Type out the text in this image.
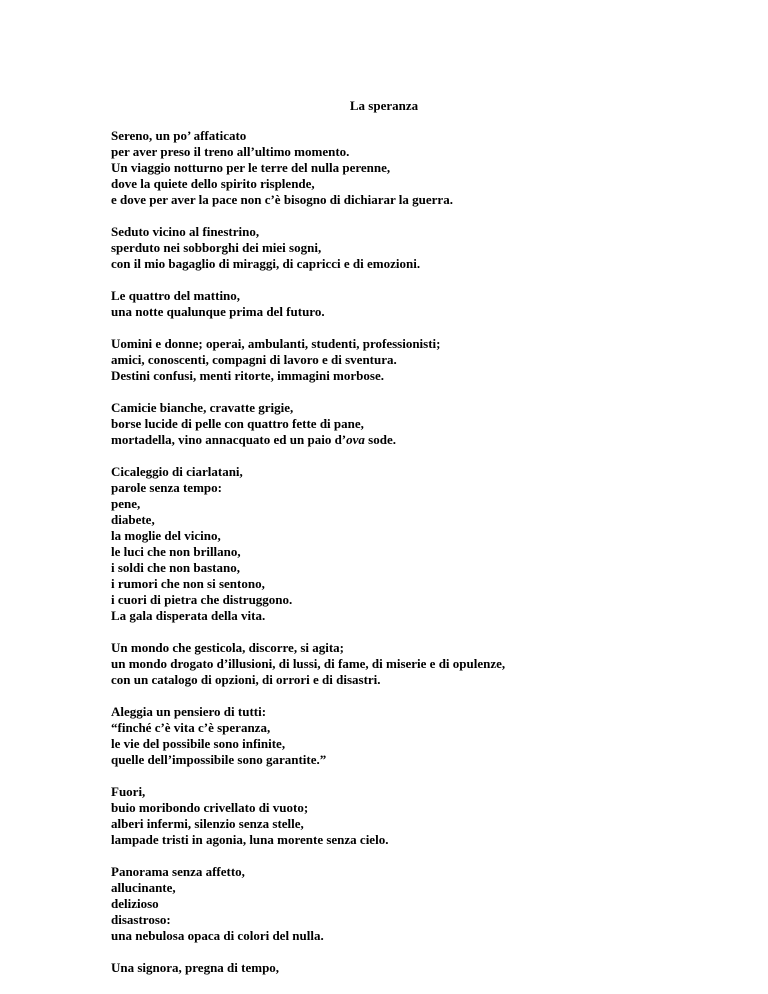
La speranza

Sereno, un po’ affaticato
per aver preso il treno all’ultimo momento.
Un viaggio notturno per le terre del nulla perenne,
dove la quiete dello spirito risplende,
e dove per aver la pace non c’è bisogno di dichiarar la guerra.

Seduto vicino al finestrino,
sperduto nei sobborghi dei miei sogni,
con il mio bagaglio di miraggi, di capricci e di emozioni.

Le quattro del mattino,
una notte qualunque prima del futuro.

Uomini e donne; operai, ambulanti, studenti, professionisti;
amici, conoscenti, compagni di lavoro e di sventura.
Destini confusi, menti ritorte, immagini morbose.

Camicie bianche, cravatte grigie,
borse lucide di pelle con quattro fette di pane,
mortadella, vino annacquato ed un paio d’ova sode.

Cicaleggio di ciarlatani,
parole senza tempo:
pene,
diabete,
la moglie del vicino,
le luci che non brillano,
i soldi che non bastano,
i rumori che non si sentono,
i cuori di pietra che distruggono.
La gala disperata della vita.

Un mondo che gesticola, discorre, si agita;
un mondo drogato d’illusioni, di lussi, di fame, di miserie e di opulenze,
con un catalogo di opzioni, di orrori e di disastri.

Aleggia un pensiero di tutti:
“finché c’è vita c’è speranza,
le vie del possibile sono infinite,
quelle dell’impossibile sono garantite.”

Fuori,
buio moribondo crivellato di vuoto;
alberi infermi, silenzio senza stelle,
lampade tristi in agonia, luna morente senza cielo.

Panorama senza affetto,
allucinante,
delizioso
disastroso:
una nebulosa opaca di colori del nulla.

Una signora, pregna di tempo,
